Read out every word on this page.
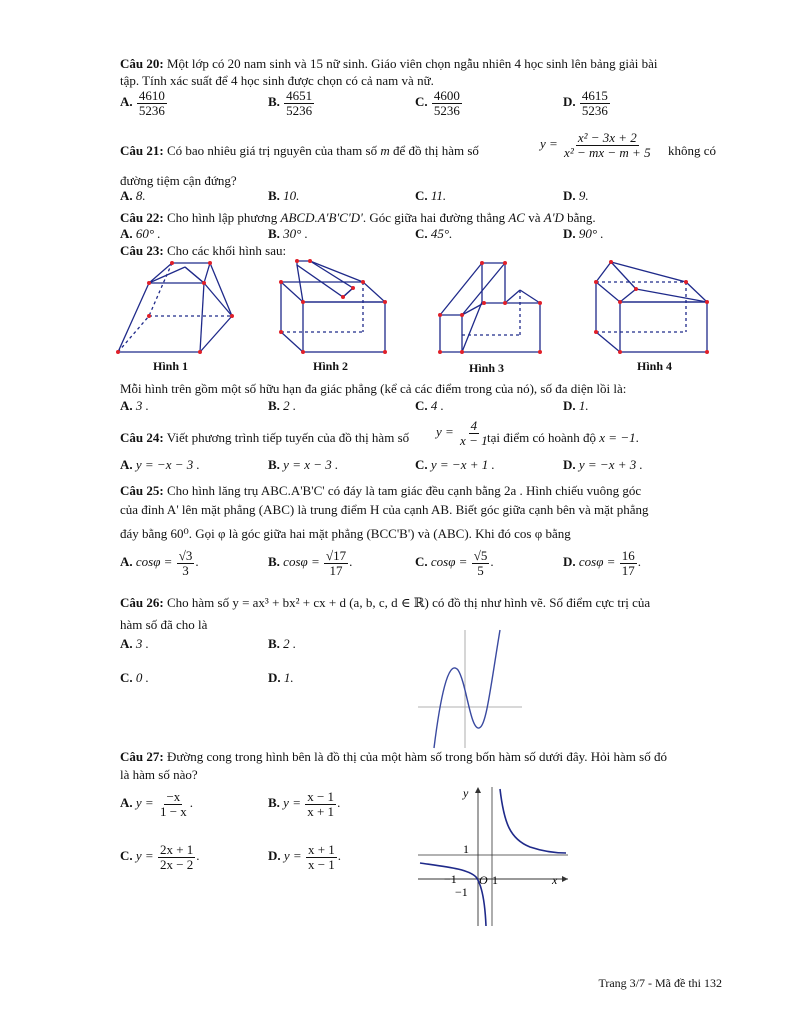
Câu 20: Một lớp có 20 nam sinh và 15 nữ sinh. Giáo viên chọn ngẫu nhiên 4 học sinh lên bảng giải bài
tập. Tính xác suất để 4 học sinh được chọn có cả nam và nữ.
A. $\frac{4610}{5236}$	B. $\frac{4651}{5236}$	C. $\frac{4600}{5236}$	D. $\frac{4615}{5236}$
Câu 21: Có bao nhiêu giá trị nguyên của tham số m để đồ thị hàm số	$y = \frac{\text{x² − 3x + 2}}{\text{x² − mx − m + 5}}$ không có
đường tiệm cận đứng?
A. 8.	B. 10.	C. 11.	D. 9.
Câu 22: Cho hình lập phương ABCD.A'B'C'D'. Góc giữa hai đường thẳng AC và A'D bằng.
A. 60° .	B. 30° .	C. 45°.	D. 90° .
Câu 23: Cho các khối hình sau:
Hình 1	Hình 2	Hình 3	Hình 4
Mỗi hình trên gồm một số hữu hạn đa giác phẳng (kể cả các điểm trong của nó), số đa diện lồi là:
A. 3 .	B. 2 .	C. 4 .	D. 1.
Câu 24: Viết phương trình tiếp tuyến của đồ thị hàm số $y = \frac{4}{x - 1}$
tại điểm có hoành độ x = −1.
A. y = −x − 3 .	B. y = x − 3 .	C. y = −x + 1 .	D. y = −x + 3 .
Câu 25: Cho hình lăng trụ ABC.A'B'C' có đáy là tam giác đều cạnh bằng 2a . Hình chiếu vuông góc
của đỉnh A' lên mặt phẳng (ABC) là trung điểm H của cạnh AB. Biết góc giữa cạnh bên và mặt phẳng
đáy bằng 60⁰. Gọi φ là góc giữa hai mặt phẳng (BCC'B') và (ABC). Khi đó cos φ bằng
A. $\cos\varphi = \frac{√3}{3}$ .	B. $\cos\varphi = \frac{√17}{17}$ .	C. $\cos\varphi = \frac{√5}{5}$ .	D. $\cos\varphi = \frac{16}{17}$ .
Câu 26: Cho hàm số y = ax³ + bx² + cx + d (a, b, c, d ∈ ℝ) có đồ thị như hình vẽ. Số điểm cực trị của
hàm số đã cho là
A. 3 .	B. 2 .
C. 0 .	D. 1.
Câu 27: Đường cong trong hình bên là đồ thị của một hàm số trong bốn hàm số dưới đây. Hỏi hàm số đó
là hàm số nào?
A. $y = \frac{-x}{1 - x}$ .	B. $y = \frac{x - 1}{x + 1}$ .
C. $y = \frac{2x + 1}{2x - 2}$ .	D. $y = \frac{x + 1}{x - 1}$ .
y
x
1
−1 O 1
−1
Trang 3/7 - Mã đề thi 132
